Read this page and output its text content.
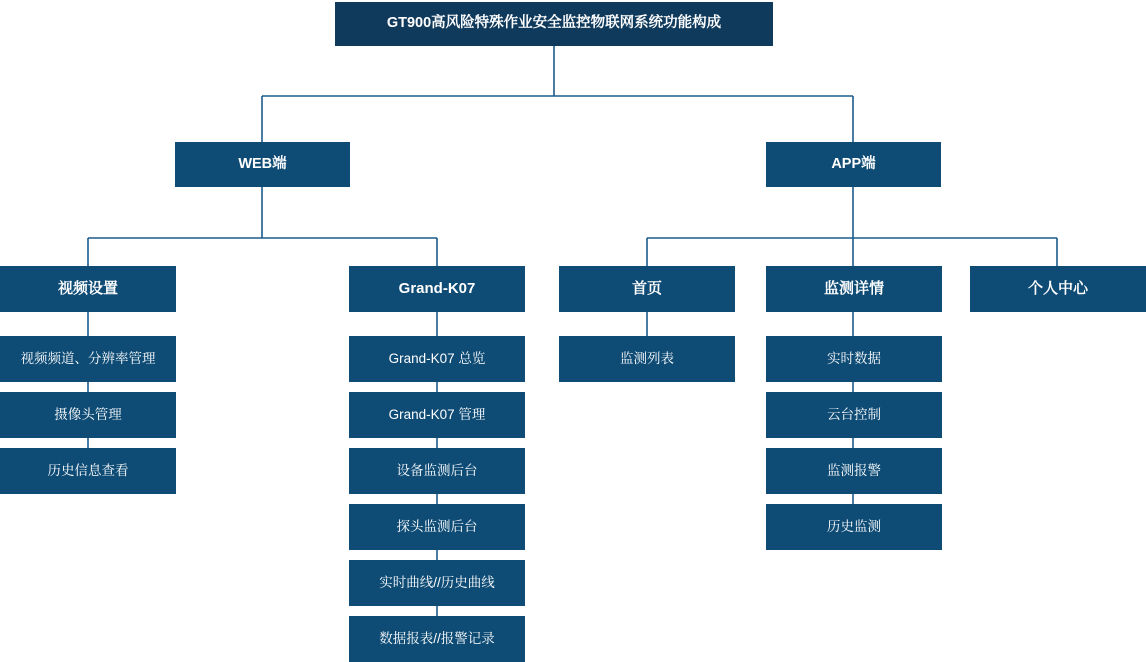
GT900高风险特殊作业安全监控物联网系统功能构成
WEB端	APP端
视频设置	Grand-K07	首页	监测详情	个人中心
视频频道、分辨率管理
摄像头管理
历史信息查看
Grand-K07 总览
Grand-K07 管理
设备监测后台
探头监测后台
实时曲线//历史曲线
数据报表//报警记录
监测列表	实时数据
云台控制
监测报警
历史监测
